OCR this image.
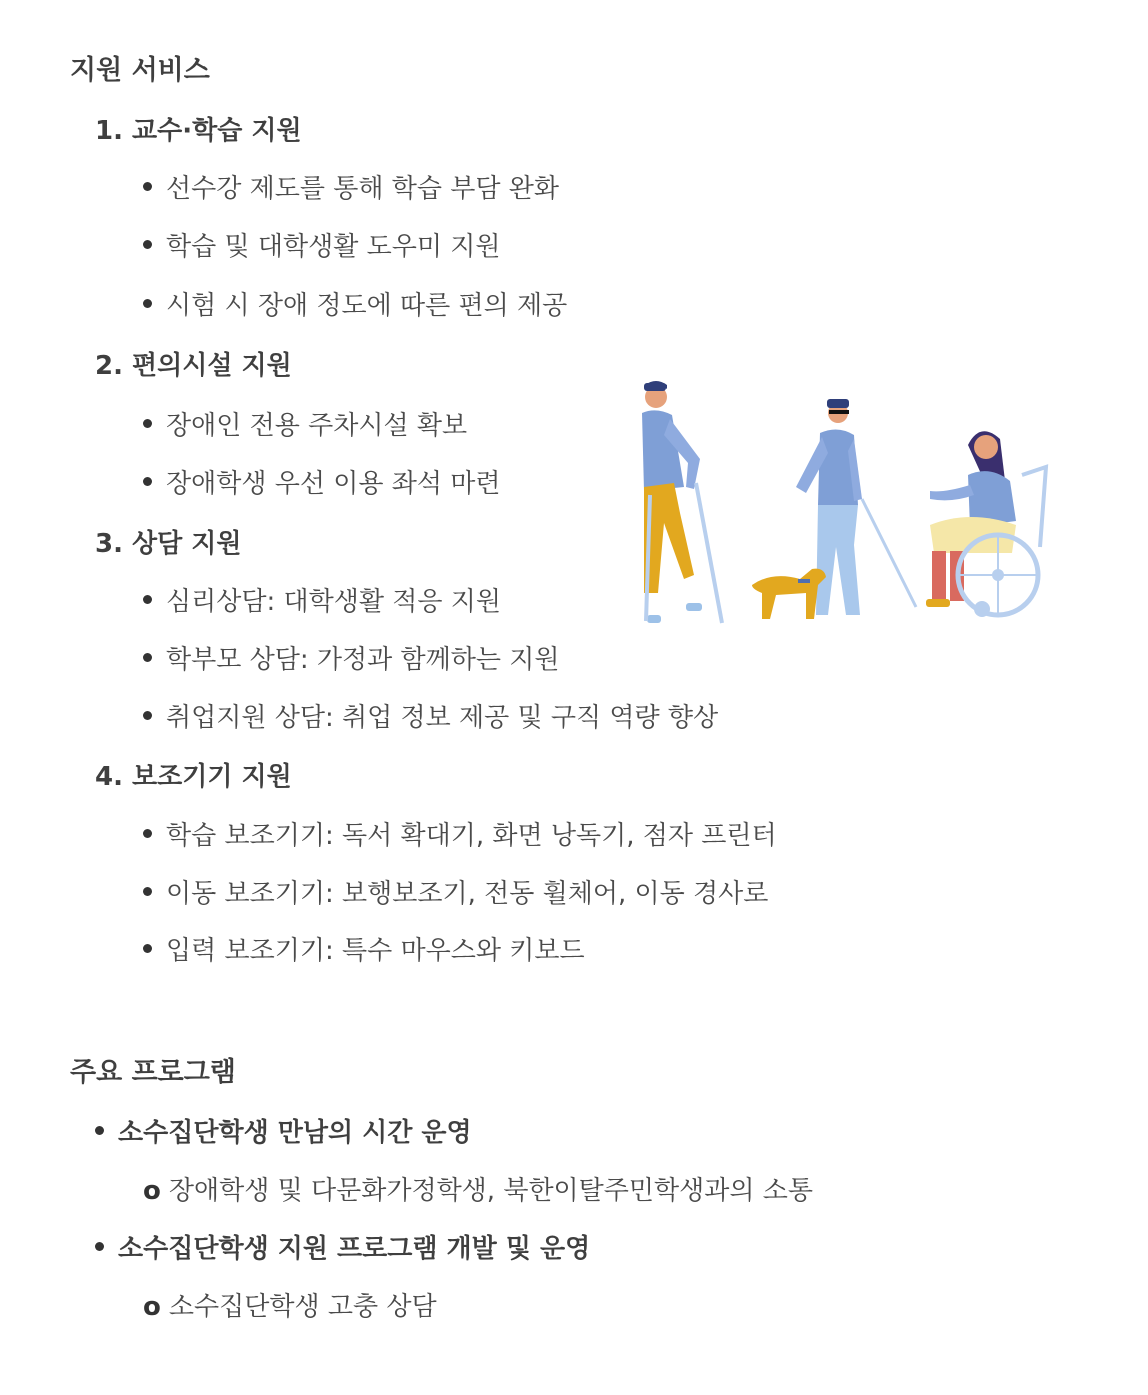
지원 서비스
1. 교수·학습 지원
선수강 제도를 통해 학습 부담 완화
학습 및 대학생활 도우미 지원
시험 시 장애 정도에 따른 편의 제공
2. 편의시설 지원
장애인 전용 주차시설 확보
장애학생 우선 이용 좌석 마련
3. 상담 지원
심리상담: 대학생활 적응 지원
학부모 상담: 가정과 함께하는 지원
취업지원 상담: 취업 정보 제공 및 구직 역량 향상
4. 보조기기 지원
학습 보조기기: 독서 확대기, 화면 낭독기, 점자 프린터
이동 보조기기: 보행보조기, 전동 휠체어, 이동 경사로
입력 보조기기: 특수 마우스와 키보드
주요 프로그램
소수집단학생 만남의 시간 운영
o 장애학생 및 다문화가정학생, 북한이탈주민학생과의 소통
소수집단학생 지원 프로그램 개발 및 운영
o 소수집단학생 고충 상담
